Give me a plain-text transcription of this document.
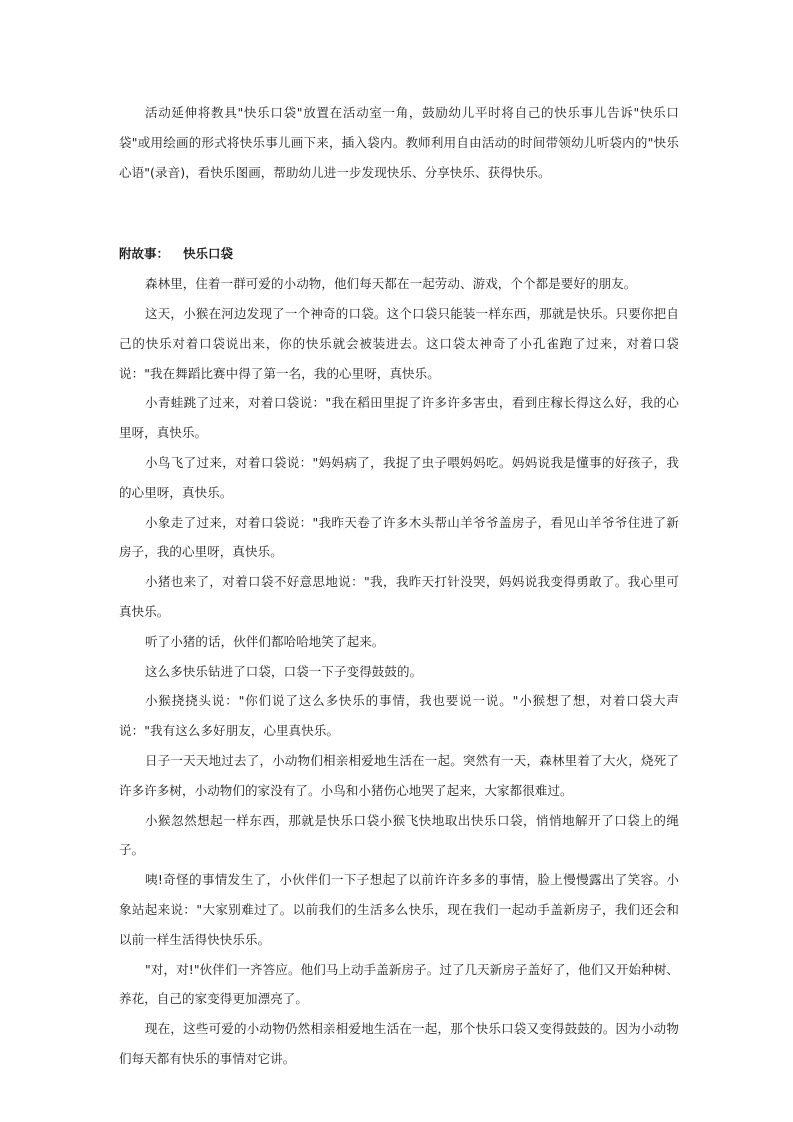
活动延伸将教具"快乐口袋"放置在活动室一角，鼓励幼儿平时将自己的快乐事儿告诉"快乐口袋"或用绘画的形式将快乐事儿画下来，插入袋内。教师利用自由活动的时间带领幼儿听袋内的"快乐心语"(录音)，看快乐图画，帮助幼儿进一步发现快乐、分享快乐、获得快乐。

附故事： 快乐口袋

森林里，住着一群可爱的小动物，他们每天都在一起劳动、游戏，个个都是要好的朋友。

这天，小猴在河边发现了一个神奇的口袋。这个口袋只能装一样东西，那就是快乐。只要你把自己的快乐对着口袋说出来，你的快乐就会被装进去。这口袋太神奇了小孔雀跑了过来，对着口袋说："我在舞蹈比赛中得了第一名，我的心里呀，真快乐。

小青蛙跳了过来，对着口袋说："我在稻田里捉了许多许多害虫，看到庄稼长得这么好，我的心里呀，真快乐。

小鸟飞了过来，对着口袋说："妈妈病了，我捉了虫子喂妈妈吃。妈妈说我是懂事的好孩子，我的心里呀，真快乐。

小象走了过来，对着口袋说："我昨天卷了许多木头帮山羊爷爷盖房子，看见山羊爷爷住进了新房子，我的心里呀，真快乐。

小猪也来了，对着口袋不好意思地说："我，我昨天打针没哭，妈妈说我变得勇敢了。我心里可真快乐。

听了小猪的话，伙伴们都哈哈地笑了起来。

这么多快乐钻进了口袋，口袋一下子变得鼓鼓的。

小猴挠挠头说："你们说了这么多快乐的事情，我也要说一说。"小猴想了想，对着口袋大声说："我有这么多好朋友，心里真快乐。

日子一天天地过去了，小动物们相亲相爱地生活在一起。突然有一天，森林里着了大火，烧死了许多许多树，小动物们的家没有了。小鸟和小猪伤心地哭了起来，大家都很难过。

小猴忽然想起一样东西，那就是快乐口袋小猴飞快地取出快乐口袋，悄悄地解开了口袋上的绳子。

咦!奇怪的事情发生了，小伙伴们一下子想起了以前许许多多的事情，脸上慢慢露出了笑容。小象站起来说："大家别难过了。以前我们的生活多么快乐，现在我们一起动手盖新房子，我们还会和以前一样生活得快快乐乐。

"对，对!"伙伴们一齐答应。他们马上动手盖新房子。过了几天新房子盖好了，他们又开始种树、养花，自己的家变得更加漂亮了。

现在，这些可爱的小动物仍然相亲相爱地生活在一起，那个快乐口袋又变得鼓鼓的。因为小动物们每天都有快乐的事情对它讲。
